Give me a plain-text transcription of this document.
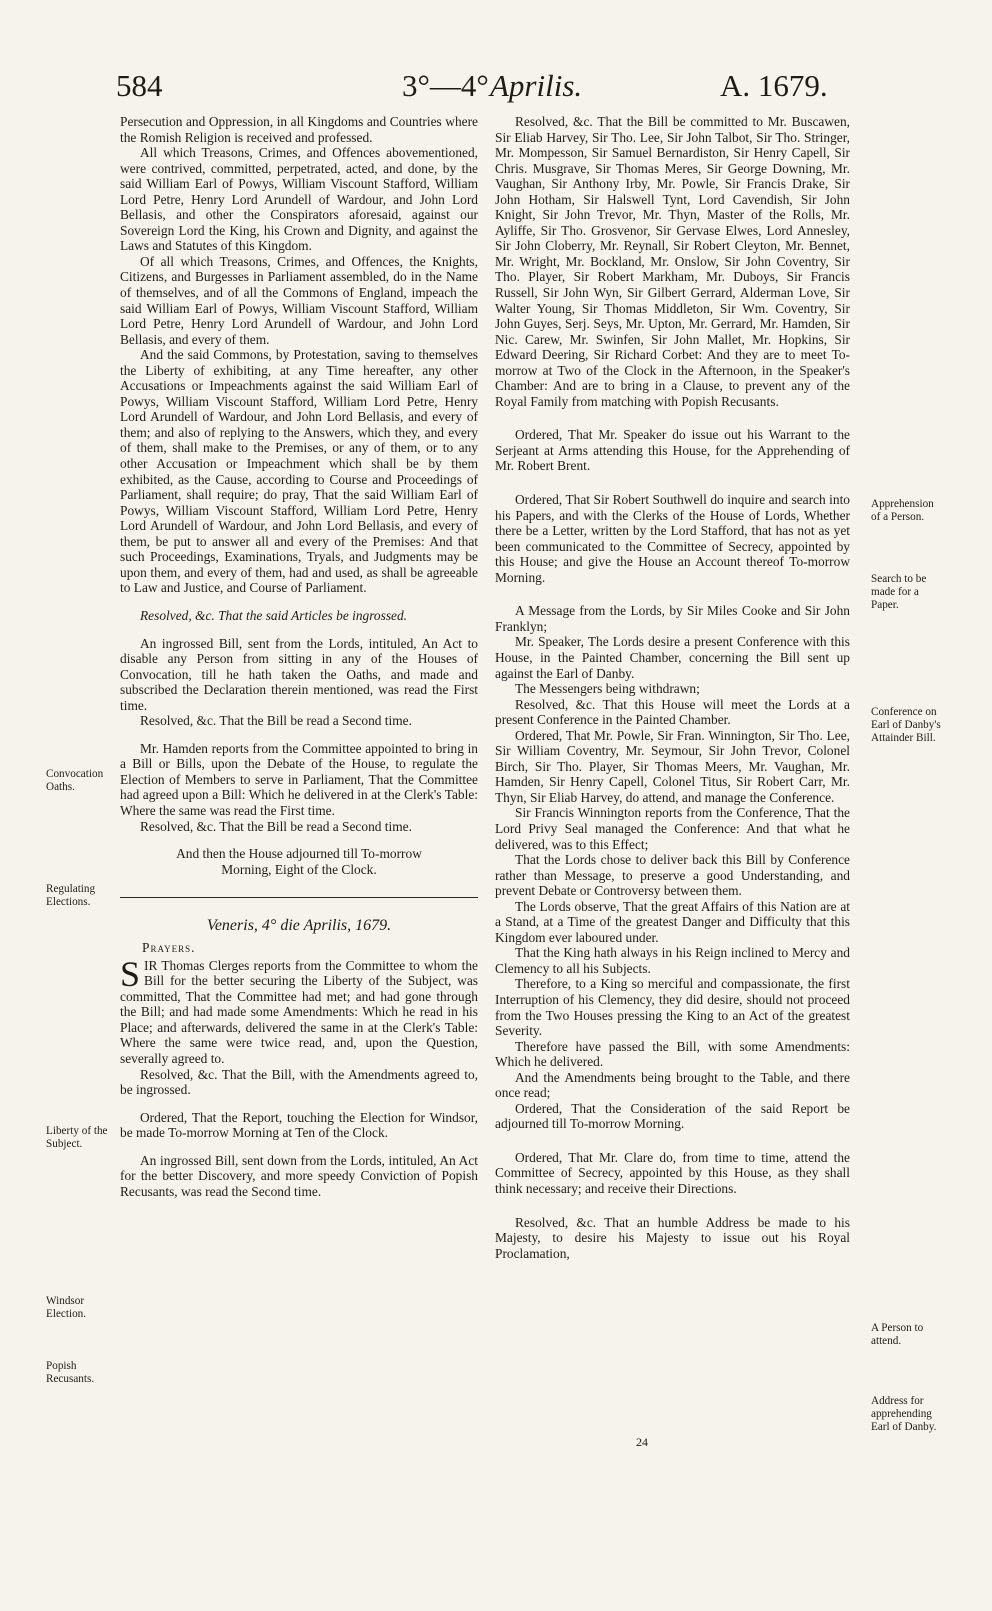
584	3°—4° Aprilis.	A. 1679.

Persecution and Oppression, in all Kingdoms and Countries where the Romish Religion is received and professed.

All which Treasons, Crimes, and Offences abovementioned, were contrived, committed, perpetrated, acted, and done, by the said William Earl of Powys, William Viscount Stafford, William Lord Petre, Henry Lord Arundell of Wardour, and John Lord Bellasis, and other the Conspirators aforesaid, against our Sovereign Lord the King, his Crown and Dignity, and against the Laws and Statutes of this Kingdom.

Of all which Treasons, Crimes, and Offences, the Knights, Citizens, and Burgesses in Parliament assembled, do in the Name of themselves, and of all the Commons of England, impeach the said William Earl of Powys, William Viscount Stafford, William Lord Petre, Henry Lord Arundell of Wardour, and John Lord Bellasis, and every of them.

And the said Commons, by Protestation, saving to themselves the Liberty of exhibiting, at any Time hereafter, any other Accusations or Impeachments against the said William Earl of Powys, William Viscount Stafford, William Lord Petre, Henry Lord Arundell of Wardour, and John Lord Bellasis, and every of them; and also of replying to the Answers, which they, and every of them, shall make to the Premises, or any of them, or to any other Accusation or Impeachment which shall be by them exhibited, as the Cause, according to Course and Proceedings of Parliament, shall require; do pray, That the said William Earl of Powys, William Viscount Stafford, William Lord Petre, Henry Lord Arundell of Wardour, and John Lord Bellasis, and every of them, be put to answer all and every of the Premises: And that such Proceedings, Examinations, Tryals, and Judgments may be upon them, and every of them, had and used, as shall be agreeable to Law and Justice, and Course of Parliament.

Resolved, &c. That the said Articles be ingrossed.

An ingrossed Bill, sent from the Lords, intituled, An Act to disable any Person from sitting in any of the Houses of Convocation, till he hath taken the Oaths, and made and subscribed the Declaration therein mentioned, was read the First time.

Resolved, &c. That the Bill be read a Second time.

Mr. Hamden reports from the Committee appointed to bring in a Bill or Bills, upon the Debate of the House, to regulate the Election of Members to serve in Parliament, That the Committee had agreed upon a Bill: Which he delivered in at the Clerk's Table: Where the same was read the First time.

Resolved, &c. That the Bill be read a Second time.

And then the House adjourned till To-morrow Morning, Eight of the Clock.

Veneris, 4° die Aprilis, 1679.

Prayers.

S IR Thomas Clerges reports from the Committee to whom the Bill for the better securing the Liberty of the Subject, was committed, That the Committee had met; and had gone through the Bill; and had made some Amendments: Which he read in his Place; and afterwards, delivered the same in at the Clerk's Table: Where the same were twice read, and, upon the Question, severally agreed to.

Resolved, &c. That the Bill, with the Amendments agreed to, be ingrossed.

Ordered, That the Report, touching the Election for Windsor, be made To-morrow Morning at Ten of the Clock.

An ingrossed Bill, sent down from the Lords, intituled, An Act for the better Discovery, and more speedy Conviction of Popish Recusants, was read the Second time.

Convocation Oaths.
Regulating Elections.
Liberty of the Subject.
Windsor Election.
Popish Recusants.

Resolved, &c. That the Bill be committed to Mr. Buscawen, Sir Eliab Harvey, Sir Tho. Lee, Sir John Talbot, Sir Tho. Stringer, Mr. Mompesson, Sir Samuel Bernardiston, Sir Henry Capell, Sir Chris. Musgrave, Sir Thomas Meres, Sir George Downing, Mr. Vaughan, Sir Anthony Irby, Mr. Powle, Sir Francis Drake, Sir John Hotham, Sir Halswell Tynt, Lord Cavendish, Sir John Knight, Sir John Trevor, Mr. Thyn, Master of the Rolls, Mr. Ayliffe, Sir Tho. Grosvenor, Sir Gervase Elwes, Lord Annesley, Sir John Cloberry, Mr. Reynall, Sir Robert Cleyton, Mr. Bennet, Mr. Wright, Mr. Bockland, Mr. Onslow, Sir John Coventry, Sir Tho. Player, Sir Robert Markham, Mr. Duboys, Sir Francis Russell, Sir John Wyn, Sir Gilbert Gerrard, Alderman Love, Sir Walter Young, Sir Thomas Middleton, Sir Wm. Coventry, Sir John Guyes, Serj. Seys, Mr. Upton, Mr. Gerrard, Mr. Hamden, Sir Nic. Carew, Mr. Swinfen, Sir John Mallet, Mr. Hopkins, Sir Edward Deering, Sir Richard Corbet: And they are to meet To-morrow at Two of the Clock in the Afternoon, in the Speaker's Chamber: And are to bring in a Clause, to prevent any of the Royal Family from matching with Popish Recusants.

Ordered, That Mr. Speaker do issue out his Warrant to the Serjeant at Arms attending this House, for the Apprehending of Mr. Robert Brent.

Ordered, That Sir Robert Southwell do inquire and search into his Papers, and with the Clerks of the House of Lords, Whether there be a Letter, written by the Lord Stafford, that has not as yet been communicated to the Committee of Secrecy, appointed by this House; and give the House an Account thereof To-morrow Morning.

A Message from the Lords, by Sir Miles Cooke and Sir John Franklyn;

Mr. Speaker, The Lords desire a present Conference with this House, in the Painted Chamber, concerning the Bill sent up against the Earl of Danby.

The Messengers being withdrawn;

Resolved, &c. That this House will meet the Lords at a present Conference in the Painted Chamber.

Ordered, That Mr. Powle, Sir Fran. Winnington, Sir Tho. Lee, Sir William Coventry, Mr. Seymour, Sir John Trevor, Colonel Birch, Sir Tho. Player, Sir Thomas Meers, Mr. Vaughan, Mr. Hamden, Sir Henry Capell, Colonel Titus, Sir Robert Carr, Mr. Thyn, Sir Eliab Harvey, do attend, and manage the Conference.

Sir Francis Winnington reports from the Conference, That the Lord Privy Seal managed the Conference: And that what he delivered, was to this Effect;

That the Lords chose to deliver back this Bill by Conference rather than Message, to preserve a good Understanding, and prevent Debate or Controversy between them.

The Lords observe, That the great Affairs of this Nation are at a Stand, at a Time of the greatest Danger and Difficulty that this Kingdom ever laboured under.

That the King hath always in his Reign inclined to Mercy and Clemency to all his Subjects.

Therefore, to a King so merciful and compassionate, the first Interruption of his Clemency, they did desire, should not proceed from the Two Houses pressing the King to an Act of the greatest Severity.

Therefore have passed the Bill, with some Amendments: Which he delivered.

And the Amendments being brought to the Table, and there once read;

Ordered, That the Consideration of the said Report be adjourned till To-morrow Morning.

Ordered, That Mr. Clare do, from time to time, attend the Committee of Secrecy, appointed by this House, as they shall think necessary; and receive their Directions.

Resolved, &c. That an humble Address be made to his Majesty, to desire his Majesty to issue out his Royal Proclamation,

24
Apprehension of a Person.
Search to be made for a Paper.
Conference on Earl of Danby's Attainder Bill.
A Person to attend.
Address for apprehending Earl of Danby.
